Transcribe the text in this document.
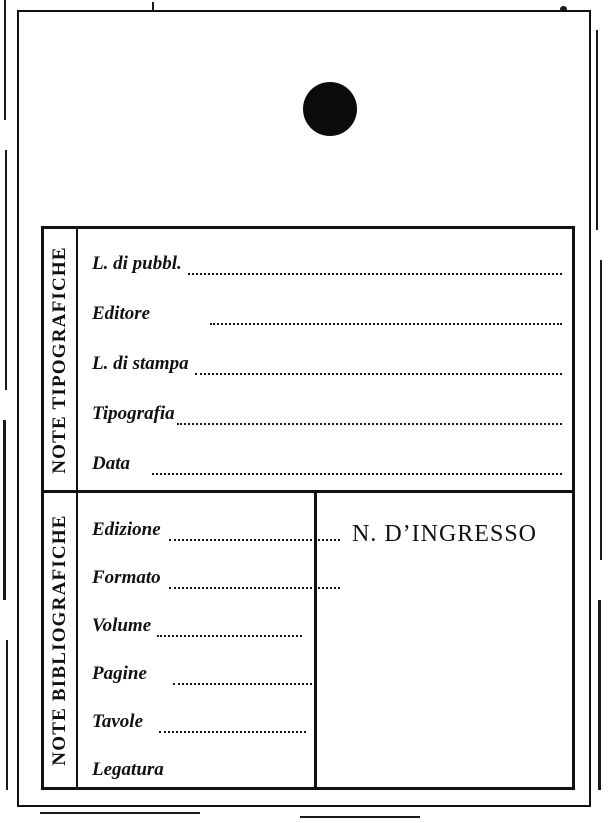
NOTE TIPOGRAFICHE	L. di pubbl.
Editore
L. di stampa
Tipografia
Data
NOTE BIBLIOGRAFICHE	Edizione
Formato
Volume
Pagine
Tavole
Legatura
N. D’INGRESSO
